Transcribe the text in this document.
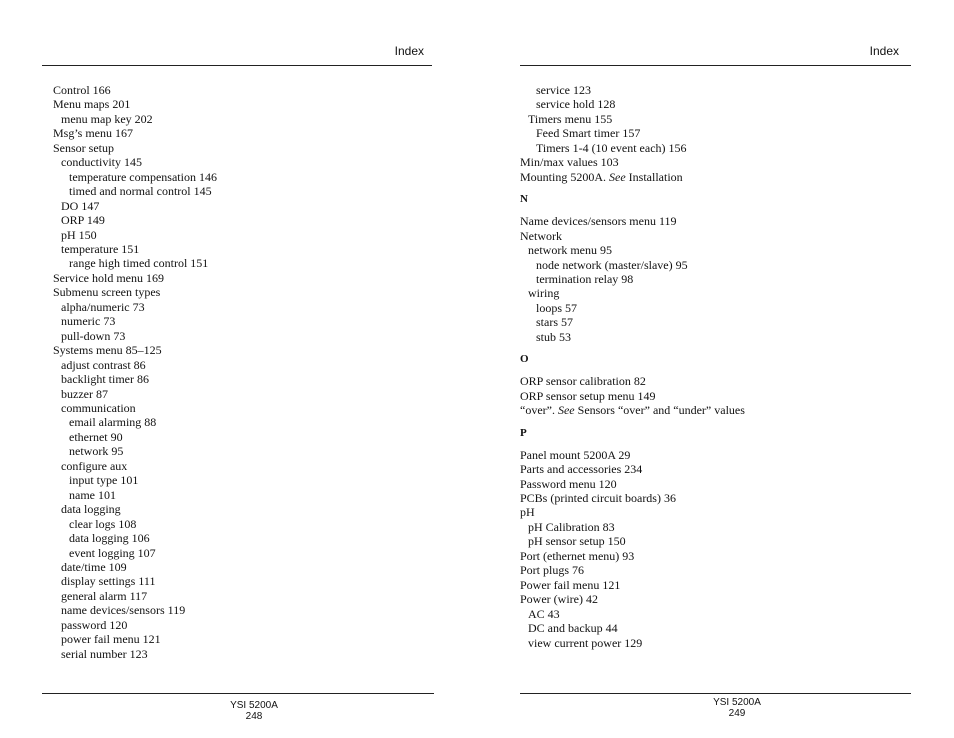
Index
Control 166
Menu maps 201
menu map key 202
Msg’s menu 167
Sensor setup
conductivity 145
temperature compensation 146
timed and normal control 145
DO 147
ORP 149
pH 150
temperature 151
range high timed control 151
Service hold menu 169
Submenu screen types
alpha/numeric 73
numeric 73
pull-down 73
Systems menu 85–125
adjust contrast 86
backlight timer 86
buzzer 87
communication
email alarming 88
ethernet 90
network 95
configure aux
input type 101
name 101
data logging
clear logs 108
data logging 106
event logging 107
date/time 109
display settings 111
general alarm 117
name devices/sensors 119
password 120
power fail menu 121
serial number 123
YSI 5200A
248
Index
service 123
service hold 128
Timers menu 155
Feed Smart timer 157
Timers 1-4 (10 event each) 156
Min/max values 103
Mounting 5200A. See Installation
N
Name devices/sensors menu 119
Network
network menu 95
node network (master/slave) 95
termination relay 98
wiring
loops 57
stars 57
stub 53
O
ORP sensor calibration 82
ORP sensor setup menu 149
“over”. See Sensors “over” and “under” values
P
Panel mount 5200A 29
Parts and accessories 234
Password menu 120
PCBs (printed circuit boards) 36
pH
pH Calibration 83
pH sensor setup 150
Port (ethernet menu) 93
Port plugs 76
Power fail menu 121
Power (wire) 42
AC 43
DC and backup 44
view current power 129
YSI 5200A
249
